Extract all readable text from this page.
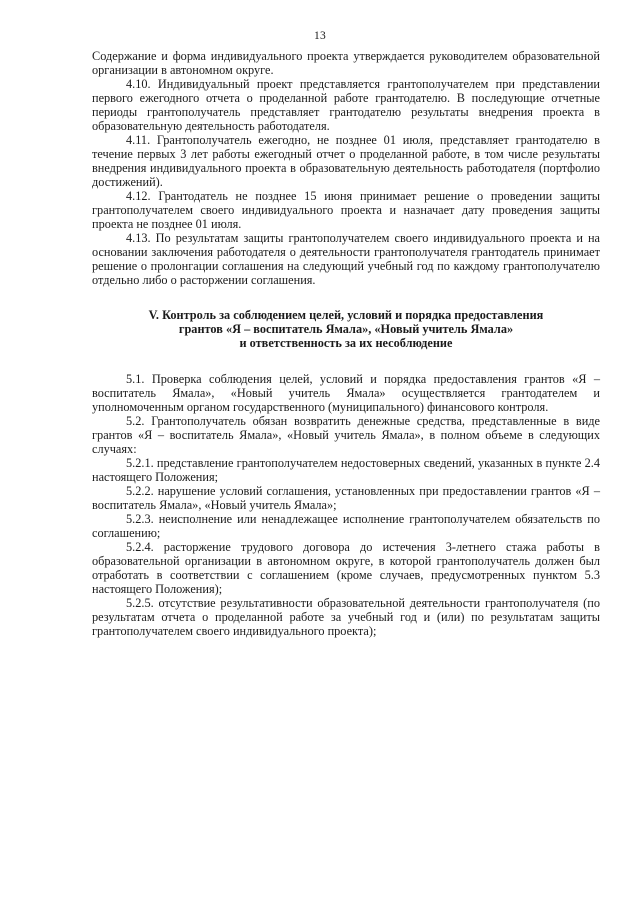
13

Содержание и форма индивидуального проекта утверждается руководителем образовательной организации в автономном округе.

4.10. Индивидуальный проект представляется грантополучателем при представлении первого ежегодного отчета о проделанной работе грантодателю. В последующие отчетные периоды грантополучатель представляет грантодателю результаты внедрения проекта в образовательную деятельность работодателя.

4.11. Грантополучатель ежегодно, не позднее 01 июля, представляет грантодателю в течение первых 3 лет работы ежегодный отчет о проделанной работе, в том числе результаты внедрения индивидуального проекта в образовательную деятельность работодателя (портфолио достижений).

4.12. Грантодатель не позднее 15 июня принимает решение о проведении защиты грантополучателем своего индивидуального проекта и назначает дату проведения защиты проекта не позднее 01 июля.

4.13. По результатам защиты грантополучателем своего индивидуального проекта и на основании заключения работодателя о деятельности грантополучателя грантодатель принимает решение о пролонгации соглашения на следующий учебный год по каждому грантополучателю отдельно либо о расторжении соглашения.

V. Контроль за соблюдением целей, условий и порядка предоставления
грантов «Я – воспитатель Ямала», «Новый учитель Ямала»
и ответственность за их несоблюдение

5.1. Проверка соблюдения целей, условий и порядка предоставления грантов «Я – воспитатель Ямала», «Новый учитель Ямала» осуществляется грантодателем и уполномоченным органом государственного (муниципального) финансового контроля.

5.2. Грантополучатель обязан возвратить денежные средства, представленные в виде грантов «Я – воспитатель Ямала», «Новый учитель Ямала», в полном объеме в следующих случаях:

5.2.1. представление грантополучателем недостоверных сведений, указанных в пункте 2.4 настоящего Положения;

5.2.2. нарушение условий соглашения, установленных при предоставлении грантов «Я – воспитатель Ямала», «Новый учитель Ямала»;

5.2.3. неисполнение или ненадлежащее исполнение грантополучателем обязательств по соглашению;

5.2.4. расторжение трудового договора до истечения 3-летнего стажа работы в образовательной организации в автономном округе, в которой грантополучатель должен был отработать в соответствии с соглашением (кроме случаев, предусмотренных пунктом 5.3 настоящего Положения);

5.2.5. отсутствие результативности образовательной деятельности грантополучателя (по результатам отчета о проделанной работе за учебный год и (или) по результатам защиты грантополучателем своего индивидуального проекта);
